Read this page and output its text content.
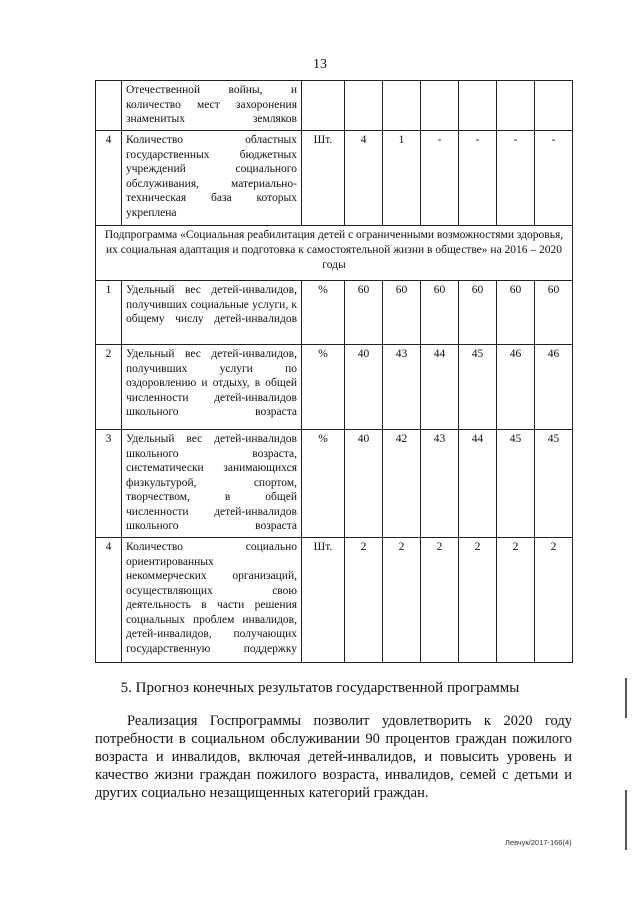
13
	Отечественной войны, и количество мест захоронения знаменитых земляков							
4	Количество областных государственных бюджетных учреждений социального обслуживания, материально-техническая база которых укреплена	Шт.	4	1	-	-	-	-
Подпрограмма «Социальная реабилитация детей с ограниченными возможностями здоровья, их социальная адаптация и подготовка к самостоятельной жизни в обществе» на 2016 – 2020 годы								
1	Удельный вес детей-инвалидов, получивших социальные услуги, к общему числу детей-инвалидов	%	60	60	60	60	60	60
2	Удельный вес детей-инвалидов, получивших услуги по оздоровлению и отдыху, в общей численности детей-инвалидов школьного возраста	%	40	43	44	45	46	46
3	Удельный вес детей-инвалидов школьного возраста, систематически занимающихся физкультурой, спортом, творчеством, в общей численности детей-инвалидов школьного возраста	%	40	42	43	44	45	45
4	Количество социально ориентированных некоммерческих организаций, осуществляющих свою деятельность в части решения социальных проблем инвалидов, детей-инвалидов, получающих государственную поддержку	Шт.	2	2	2	2	2	2
5. Прогноз конечных результатов государственной программы
Реализация Госпрограммы позволит удовлетворить к 2020 году потребности в социальном обслуживании 90 процентов граждан пожилого возраста и инвалидов, включая детей-инвалидов, и повысить уровень и качество жизни граждан пожилого возраста, инвалидов, семей с детьми и других социально незащищенных категорий граждан.
Левчук/2017-166(4)
